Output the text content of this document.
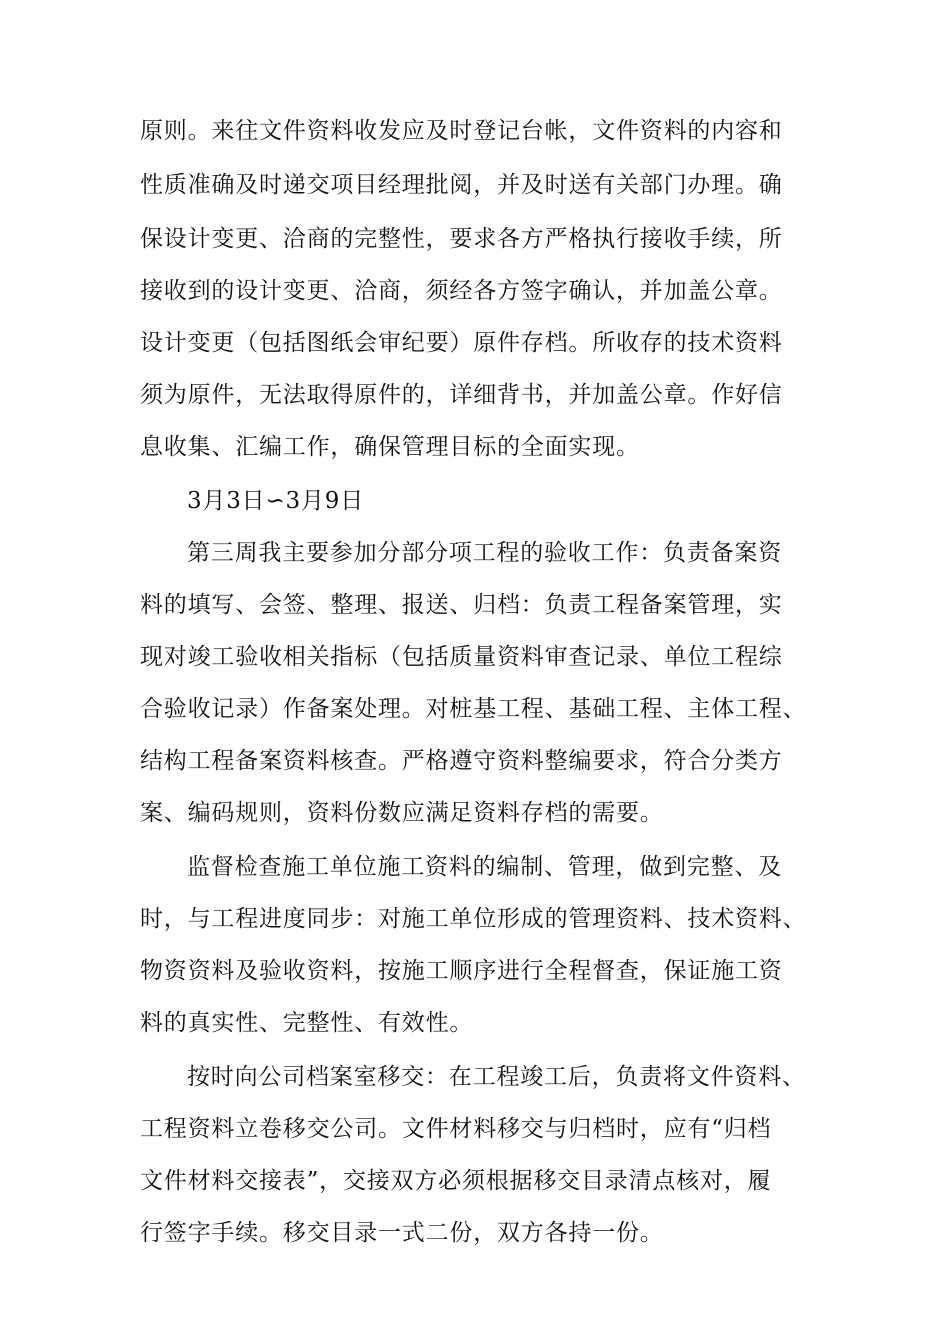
原则。来往文件资料收发应及时登记台帐，文件资料的内容和
性质准确及时递交项目经理批阅，并及时送有关部门办理。确
保设计变更、洽商的完整性，要求各方严格执行接收手续，所
接收到的设计变更、洽商，须经各方签字确认，并加盖公章。
设计变更（包括图纸会审纪要）原件存档。所收存的技术资料
须为原件，无法取得原件的，详细背书，并加盖公章。作好信
息收集、汇编工作，确保管理目标的全面实现。
3月3日∽3月9日
第三周我主要参加分部分项工程的验收工作：负责备案资
料的填写、会签、整理、报送、归档：负责工程备案管理，实
现对竣工验收相关指标（包括质量资料审查记录、单位工程综
合验收记录）作备案处理。对桩基工程、基础工程、主体工程、
结构工程备案资料核查。严格遵守资料整编要求，符合分类方
案、编码规则，资料份数应满足资料存档的需要。
监督检查施工单位施工资料的编制、管理，做到完整、及
时，与工程进度同步：对施工单位形成的管理资料、技术资料、
物资资料及验收资料，按施工顺序进行全程督查，保证施工资
料的真实性、完整性、有效性。
按时向公司档案室移交：在工程竣工后，负责将文件资料、
工程资料立卷移交公司。文件材料移交与归档时，应有“归档
文件材料交接表”，交接双方必须根据移交目录清点核对，履
行签字手续。移交目录一式二份，双方各持一份。
